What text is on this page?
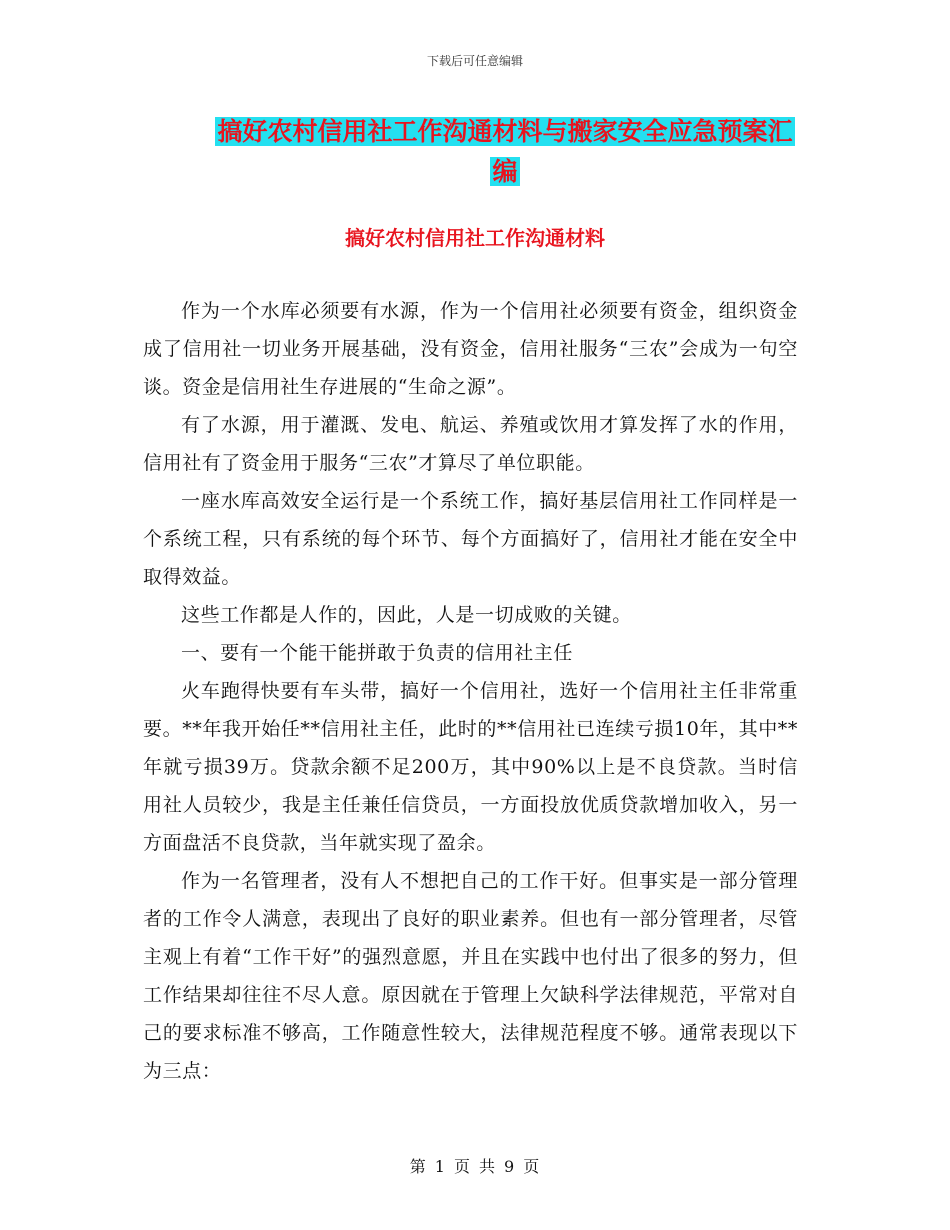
下载后可任意编辑
搞好农村信用社工作沟通材料与搬家安全应急预案汇
编
搞好农村信用社工作沟通材料

作为一个水库必须要有水源，作为一个信用社必须要有资金，组织资金成了信用社一切业务开展基础，没有资金，信用社服务“三农”会成为一句空谈。资金是信用社生存进展的“生命之源”。

有了水源，用于灌溉、发电、航运、养殖或饮用才算发挥了水的作用，信用社有了资金用于服务“三农”才算尽了单位职能。

一座水库高效安全运行是一个系统工作，搞好基层信用社工作同样是一个系统工程，只有系统的每个环节、每个方面搞好了，信用社才能在安全中取得效益。

这些工作都是人作的，因此，人是一切成败的关键。

一、要有一个能干能拼敢于负责的信用社主任

火车跑得快要有车头带，搞好一个信用社，选好一个信用社主任非常重要。**年我开始任**信用社主任，此时的**信用社已连续亏损10年，其中**年就亏损39万。贷款余额不足200万，其中90%以上是不良贷款。当时信用社人员较少，我是主任兼任信贷员，一方面投放优质贷款增加收入，另一方面盘活不良贷款，当年就实现了盈余。

作为一名管理者，没有人不想把自己的工作干好。但事实是一部分管理者的工作令人满意，表现出了良好的职业素养。但也有一部分管理者，尽管主观上有着“工作干好”的强烈意愿，并且在实践中也付出了很多的努力，但工作结果却往往不尽人意。原因就在于管理上欠缺科学法律规范，平常对自己的要求标准不够高，工作随意性较大，法律规范程度不够。通常表现以下为三点：

第 1 页 共 9 页
